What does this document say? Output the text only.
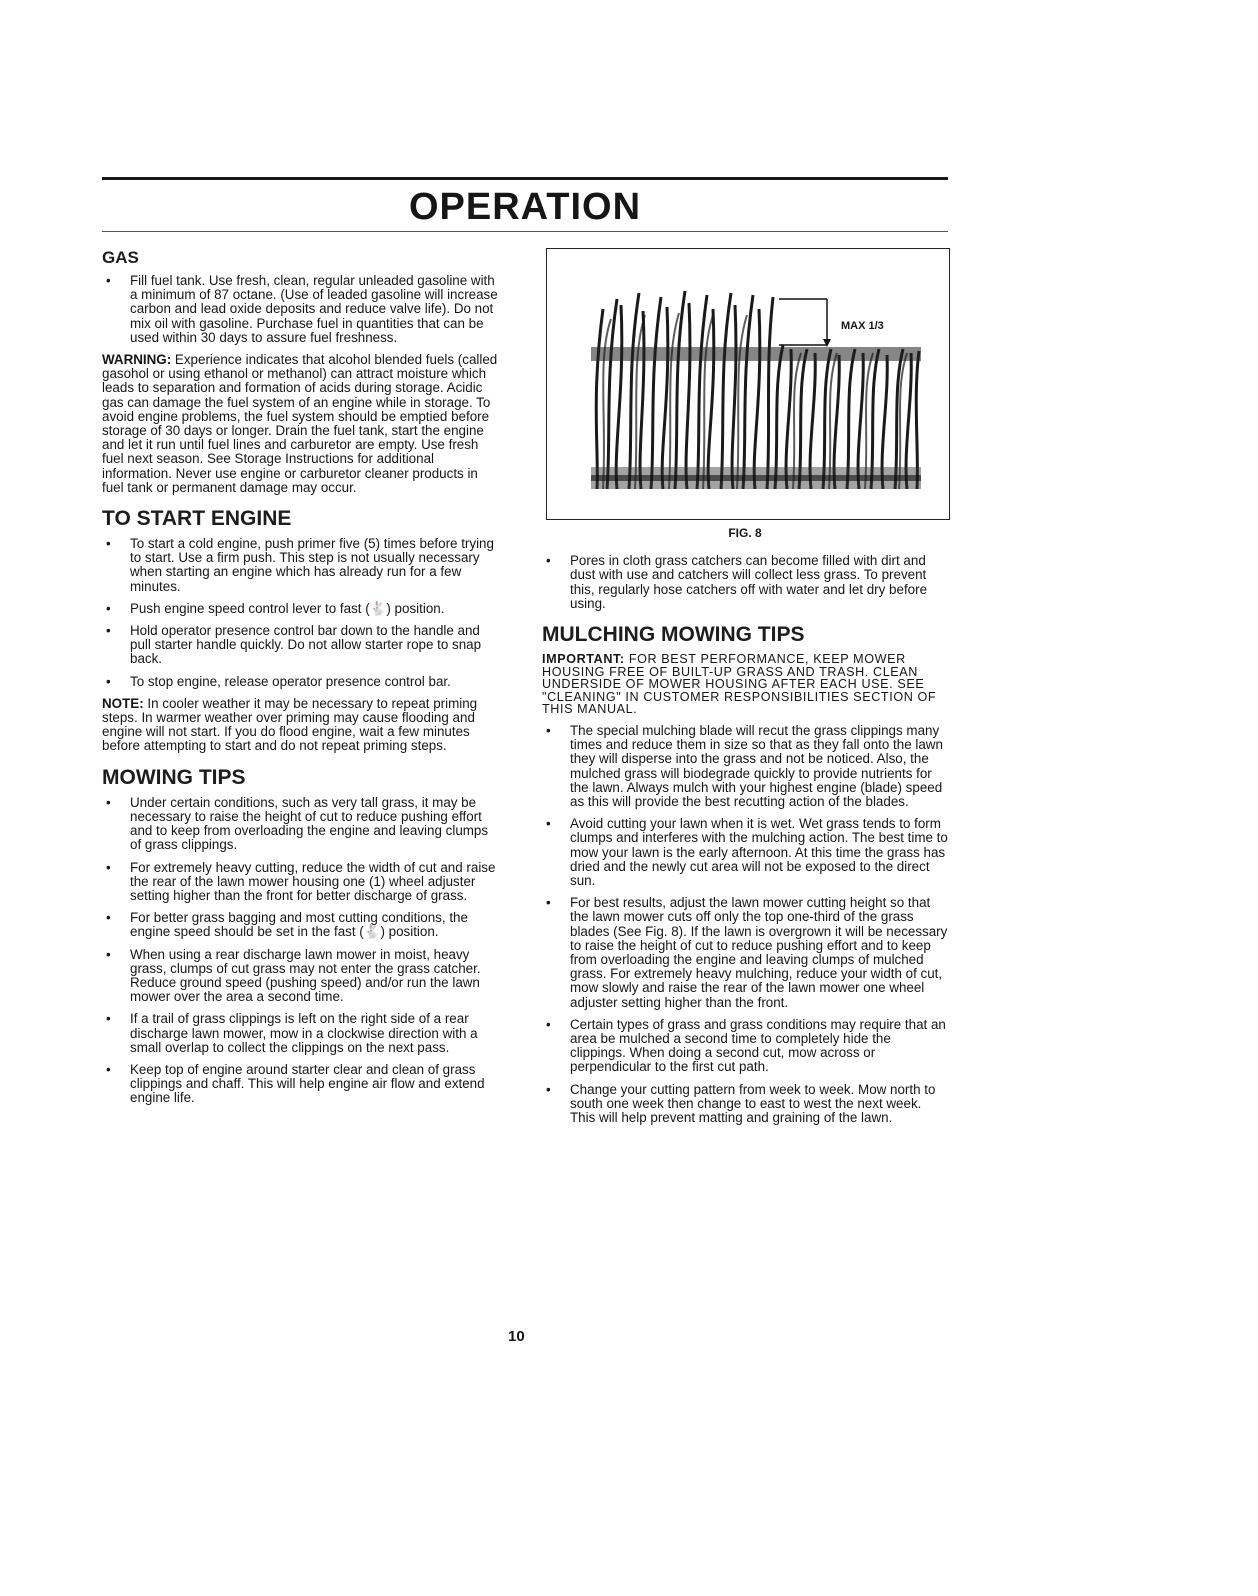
OPERATION
GAS
• Fill fuel tank. Use fresh, clean, regular unleaded gasoline with a minimum of 87 octane. (Use of leaded gasoline will increase carbon and lead oxide deposits and reduce valve life). Do not mix oil with gasoline. Purchase fuel in quantities that can be used within 30 days to assure fuel freshness.

WARNING: Experience indicates that alcohol blended fuels (called gasohol or using ethanol or methanol) can attract moisture which leads to separation and formation of acids during storage. Acidic gas can damage the fuel system of an engine while in storage. To avoid engine problems, the fuel system should be emptied before storage of 30 days or longer. Drain the fuel tank, start the engine and let it run until fuel lines and carburetor are empty. Use fresh fuel next season. See Storage Instructions for additional information. Never use engine or carburetor cleaner products in fuel tank or permanent damage may occur.

TO START ENGINE
• To start a cold engine, push primer five (5) times before trying to start. Use a firm push. This step is not usually necessary when starting an engine which has already run for a few minutes.
• Push engine speed control lever to fast (🐇) position.
• Hold operator presence control bar down to the handle and pull starter handle quickly. Do not allow starter rope to snap back.
• To stop engine, release operator presence control bar.

NOTE: In cooler weather it may be necessary to repeat priming steps. In warmer weather over priming may cause flooding and engine will not start. If you do flood engine, wait a few minutes before attempting to start and do not repeat priming steps.

MOWING TIPS
• Under certain conditions, such as very tall grass, it may be necessary to raise the height of cut to reduce pushing effort and to keep from overloading the engine and leaving clumps of grass clippings.
• For extremely heavy cutting, reduce the width of cut and raise the rear of the lawn mower housing one (1) wheel adjuster setting higher than the front for better discharge of grass.
• For better grass bagging and most cutting conditions, the engine speed should be set in the fast (🐇) position.
• When using a rear discharge lawn mower in moist, heavy grass, clumps of cut grass may not enter the grass catcher. Reduce ground speed (pushing speed) and/or run the lawn mower over the area a second time.
• If a trail of grass clippings is left on the right side of a rear discharge lawn mower, mow in a clockwise direction with a small overlap to collect the clippings on the next pass.
• Keep top of engine around starter clear and clean of grass clippings and chaff. This will help engine air flow and extend engine life.
MAX 1/3
FIG. 8
• Pores in cloth grass catchers can become filled with dirt and dust with use and catchers will collect less grass. To prevent this, regularly hose catchers off with water and let dry before using.
MULCHING MOWING TIPS

IMPORTANT: FOR BEST PERFORMANCE, KEEP MOWER HOUSING FREE OF BUILT-UP GRASS AND TRASH. CLEAN UNDERSIDE OF MOWER HOUSING AFTER EACH USE. SEE "CLEANING" IN CUSTOMER RESPONSIBILITIES SECTION OF THIS MANUAL.

• The special mulching blade will recut the grass clippings many times and reduce them in size so that as they fall onto the lawn they will disperse into the grass and not be noticed. Also, the mulched grass will biodegrade quickly to provide nutrients for the lawn. Always mulch with your highest engine (blade) speed as this will provide the best recutting action of the blades.
• Avoid cutting your lawn when it is wet. Wet grass tends to form clumps and interferes with the mulching action. The best time to mow your lawn is the early afternoon. At this time the grass has dried and the newly cut area will not be exposed to the direct sun.
• For best results, adjust the lawn mower cutting height so that the lawn mower cuts off only the top one-third of the grass blades (See Fig. 8). If the lawn is overgrown it will be necessary to raise the height of cut to reduce pushing effort and to keep from overloading the engine and leaving clumps of mulched grass. For extremely heavy mulching, reduce your width of cut, mow slowly and raise the rear of the lawn mower one wheel adjuster setting higher than the front.
• Certain types of grass and grass conditions may require that an area be mulched a second time to completely hide the clippings. When doing a second cut, mow across or perpendicular to the first cut path.
• Change your cutting pattern from week to week. Mow north to south one week then change to east to west the next week. This will help prevent matting and graining of the lawn.
10
